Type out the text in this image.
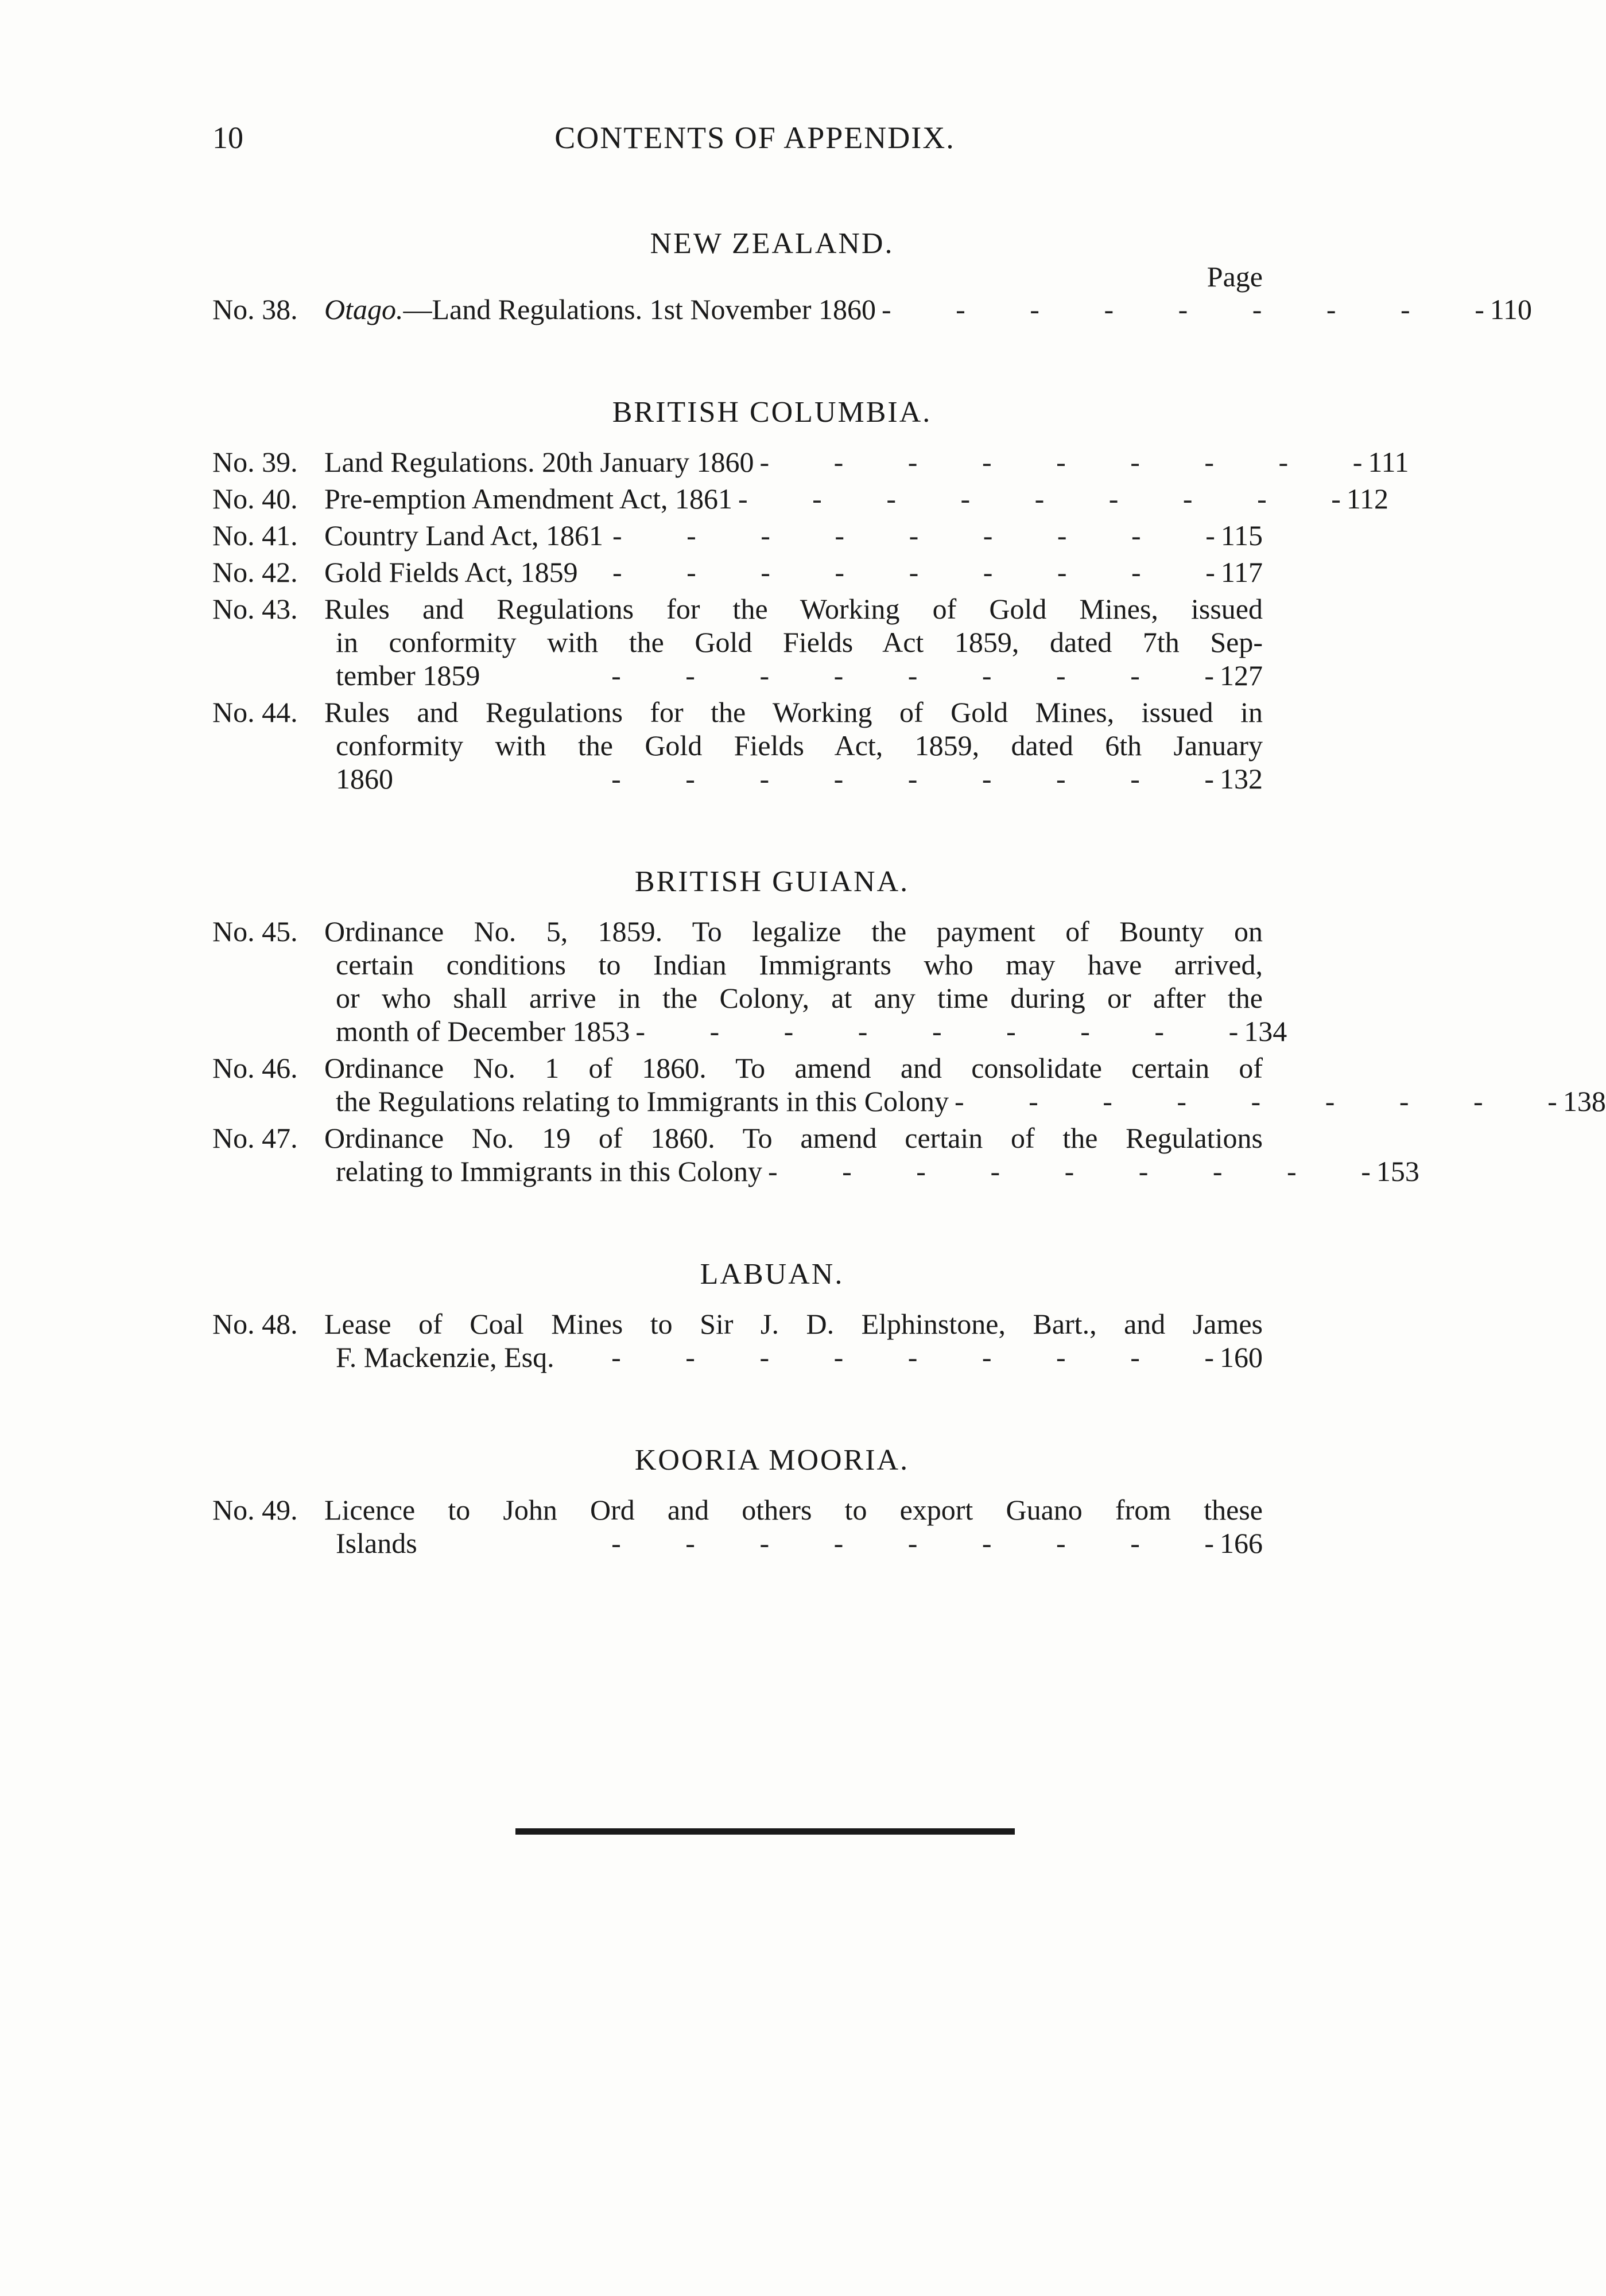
10	CONTENTS OF APPENDIX.
NEW ZEALAND.
Page
No. 38. Otago. —Land Regulations. 1st November 1860 -         -         -         -         -         -         -         -         - 110
BRITISH COLUMBIA.
No. 39. Land Regulations. 20th January 1860 -         -         -         -         -         -         -         -         - 111
No. 40. Pre-emption Amendment Act, 1861 -         -         -         -         -         -         -         -         - 112
No. 41. Country Land Act, 1861 -         -         -         -         -         -         -         -         - 115
No. 42. Gold Fields Act, 1859	-         -         -         -         -         -         -         -         - 117
No. 43. Rules and Regulations for the Working of Gold Mines, issued
in conformity with the Gold Fields Act 1859, dated 7th Sep-
tember 1859	-         -         -         -         -         -         -         -         - 127
No. 44. Rules and Regulations for the Working of Gold Mines, issued in
conformity with the Gold Fields Act, 1859, dated 6th January
1860	-         -         -         -         -         -         -         -         - 132
BRITISH GUIANA.
No. 45. Ordinance No. 5, 1859. To legalize the payment of Bounty on
certain conditions to Indian Immigrants who may have arrived,
or who shall arrive in the Colony, at any time during or after the
month of December 1853 -         -         -         -         -         -         -         -         - 134
No. 46. Ordinance No. 1 of 1860. To amend and consolidate certain of
the Regulations relating to Immigrants in this Colony -         -         -         -         -         -         -         -         - 138
No. 47. Ordinance No. 19 of 1860. To amend certain of the Regulations
relating to Immigrants in this Colony -         -         -         -         -         -         -         -         - 153
LABUAN.
No. 48. Lease of Coal Mines to Sir J. D. Elphinstone, Bart., and James
F. Mackenzie, Esq.	-         -         -         -         -         -         -         -         - 160
KOORIA MOORIA.
No. 49. Licence to John Ord and others to export Guano from these
Islands	-         -         -         -         -         -         -         -         - 166
